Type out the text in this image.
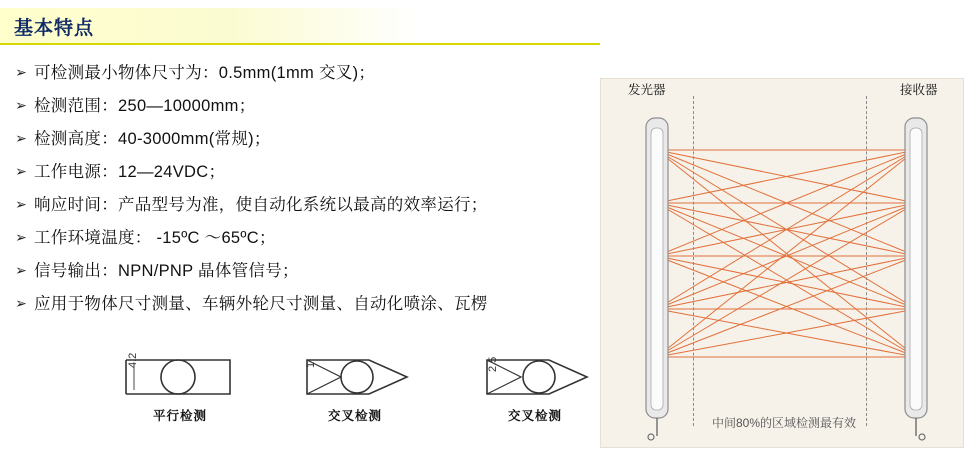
基本特点
➢ 可检测最小物体尺寸为：0.5mm(1mm 交叉)；
➢ 检测范围：250—10000mm；
➢ 检测高度：40-3000mm(常规)；
➢ 工作电源：12—24VDC；
➢ 响应时间：产品型号为准，使自动化系统以最高的效率运行；
➢ 工作环境温度： -15ºC ～65ºC；
➢ 信号输出：NPN/PNP 晶体管信号；
➢ 应用于物体尺寸测量、车辆外轮尺寸测量、自动化喷涂、瓦楞
平行检测	交叉检测	交叉检测
4.2	1	2.5
发光器	接收器
中间80%的区域检测最有效
